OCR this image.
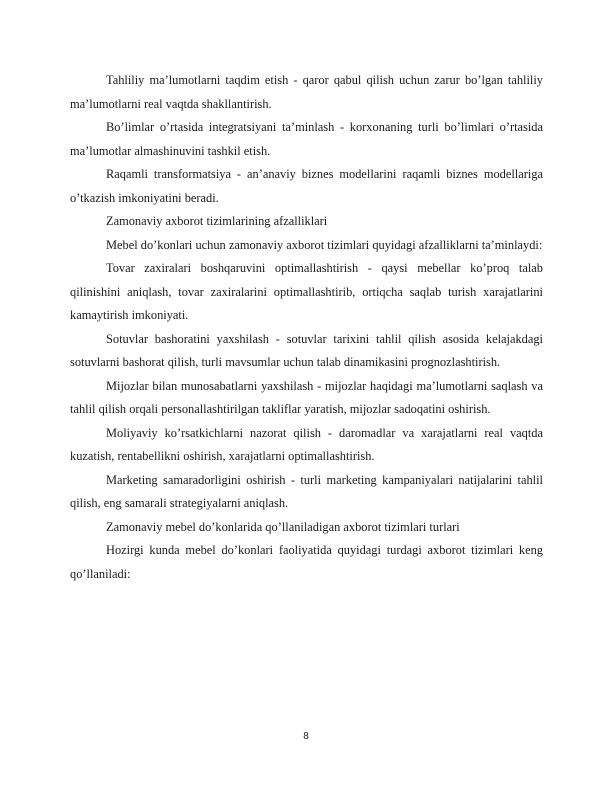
Tahliliy ma’lumotlarni taqdim etish - qaror qabul qilish uchun zarur bo’lgan tahliliy ma’lumotlarni real vaqtda shakllantirish.

Bo’limlar o’rtasida integratsiyani ta’minlash - korxonaning turli bo’limlari o’rtasida ma’lumotlar almashinuvini tashkil etish.

Raqamli transformatsiya - an’anaviy biznes modellarini raqamli biznes modellariga o’tkazish imkoniyatini beradi.

Zamonaviy axborot tizimlarining afzalliklari

Mebel do’konlari uchun zamonaviy axborot tizimlari quyidagi afzalliklarni ta’minlaydi:

Tovar zaxiralari boshqaruvini optimallashtirish - qaysi mebellar ko’proq talab qilinishini aniqlash, tovar zaxiralarini optimallashtirib, ortiqcha saqlab turish xarajatlarini kamaytirish imkoniyati.

Sotuvlar bashoratini yaxshilash - sotuvlar tarixini tahlil qilish asosida kelajakdagi sotuvlarni bashorat qilish, turli mavsumlar uchun talab dinamikasini prognozlashtirish.

Mijozlar bilan munosabatlarni yaxshilash - mijozlar haqidagi ma’lumotlarni saqlash va tahlil qilish orqali personallashtirilgan takliflar yaratish, mijozlar sadoqatini oshirish.

Moliyaviy ko’rsatkichlarni nazorat qilish - daromadlar va xarajatlarni real vaqtda kuzatish, rentabellikni oshirish, xarajatlarni optimallashtirish.

Marketing samaradorligini oshirish - turli marketing kampaniyalari natijalarini tahlil qilish, eng samarali strategiyalarni aniqlash.

Zamonaviy mebel do’konlarida qo’llaniladigan axborot tizimlari turlari

Hozirgi kunda mebel do’konlari faoliyatida quyidagi turdagi axborot tizimlari keng qo’llaniladi:

8
